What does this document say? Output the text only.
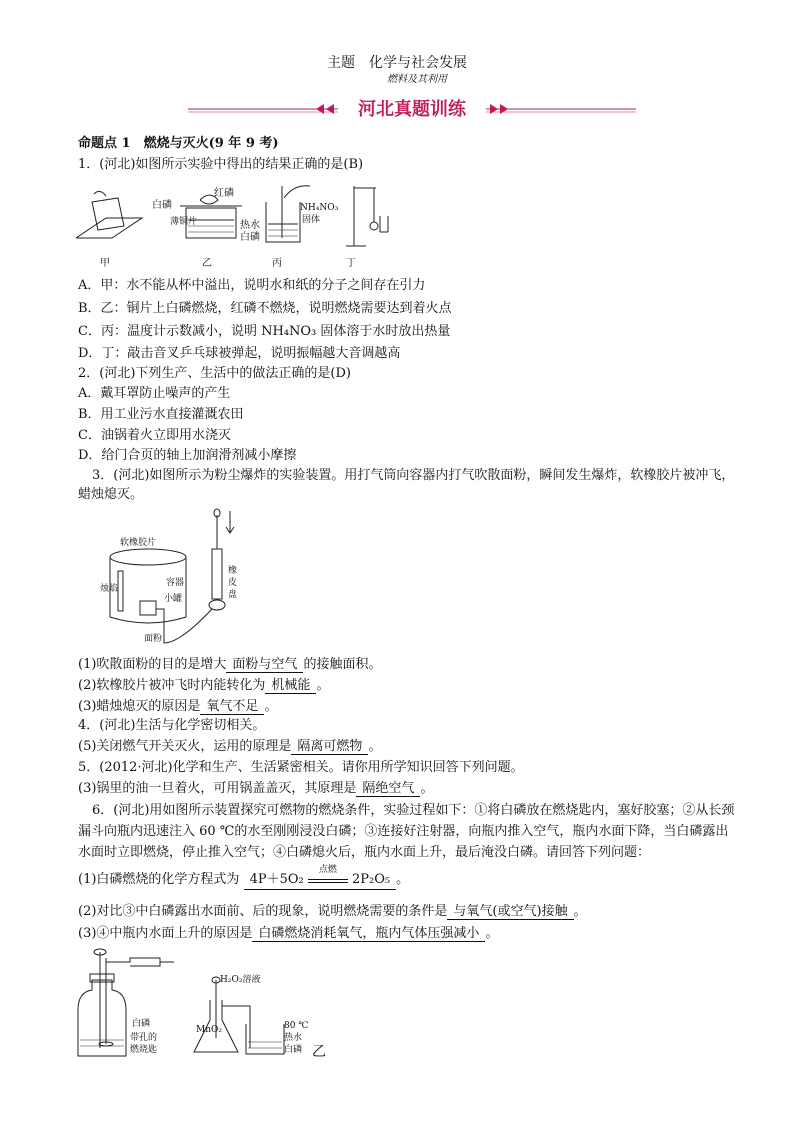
主题　化学与社会发展
燃料及其利用
河北真题训练
命题点 1　燃烧与灭火(9 年 9 考)
1．(河北)如图所示实验中得出的结果正确的是(B)
甲	乙	丙	丁
白磷
红磷
薄铜片	热水
白磷
NH₄NO₃
固体
A．甲：水不能从杯中溢出，说明水和纸的分子之间存在引力
B．乙：铜片上白磷燃烧，红磷不燃烧，说明燃烧需要达到着火点
C．丙：温度计示数减小，说明 NH₄NO₃ 固体溶于水时放出热量
D．丁：敲击音叉乒乓球被弹起，说明振幅越大音调越高
2．(河北)下列生产、生活中的做法正确的是(D)
A．戴耳罩防止噪声的产生
B．用工业污水直接灌溉农田
C．油锅着火立即用水浇灭
D．给门合页的轴上加润滑剂减小摩擦
3．(河北)如图所示为粉尘爆炸的实验装置。用打气筒向容器内打气吹散面粉，瞬间发生爆炸，软橡胶片被冲飞，蜡烛熄灭。
软橡胶片
烛焰
容器
小罐
面粉
橡
皮
盘
(1)吹散面粉的目的是增大 面粉与空气 的接触面积。
(2)软橡胶片被冲飞时内能转化为 机械能 。
(3)蜡烛熄灭的原因是 氧气不足 。
4．(河北)生活与化学密切相关。
(5)关闭燃气开关灭火，运用的原理是 隔离可燃物 。
5．(2012·河北)化学和生产、生活紧密相关。请你用所学知识回答下列问题。
(3)锅里的油一旦着火，可用锅盖盖灭，其原理是 隔绝空气 。
6．(河北)用如图所示装置探究可燃物的燃烧条件，实验过程如下：①将白磷放在燃烧匙内，塞好胶塞；②从长颈漏斗向瓶内迅速注入 60 ℃的水至刚刚浸没白磷；③连接好注射器，向瓶内推入空气，瓶内水面下降，当白磷露出水面时立即燃烧，停止推入空气；④白磷熄火后，瓶内水面上升，最后淹没白磷。请回答下列问题：
(1)白磷燃烧的化学方程式为 4P＋5O₂
点燃
2P₂O₅ 。
(2)对比③中白磷露出水面前、后的现象，说明燃烧需要的条件是 与氧气(或空气)接触 。
(3)④中瓶内水面上升的原因是 白磷燃烧消耗氧气，瓶内气体压强减小 。
白磷
带孔的
燃烧匙
H₂O₂溶液
MnO₂	80 ℃
热水
白磷 乙
